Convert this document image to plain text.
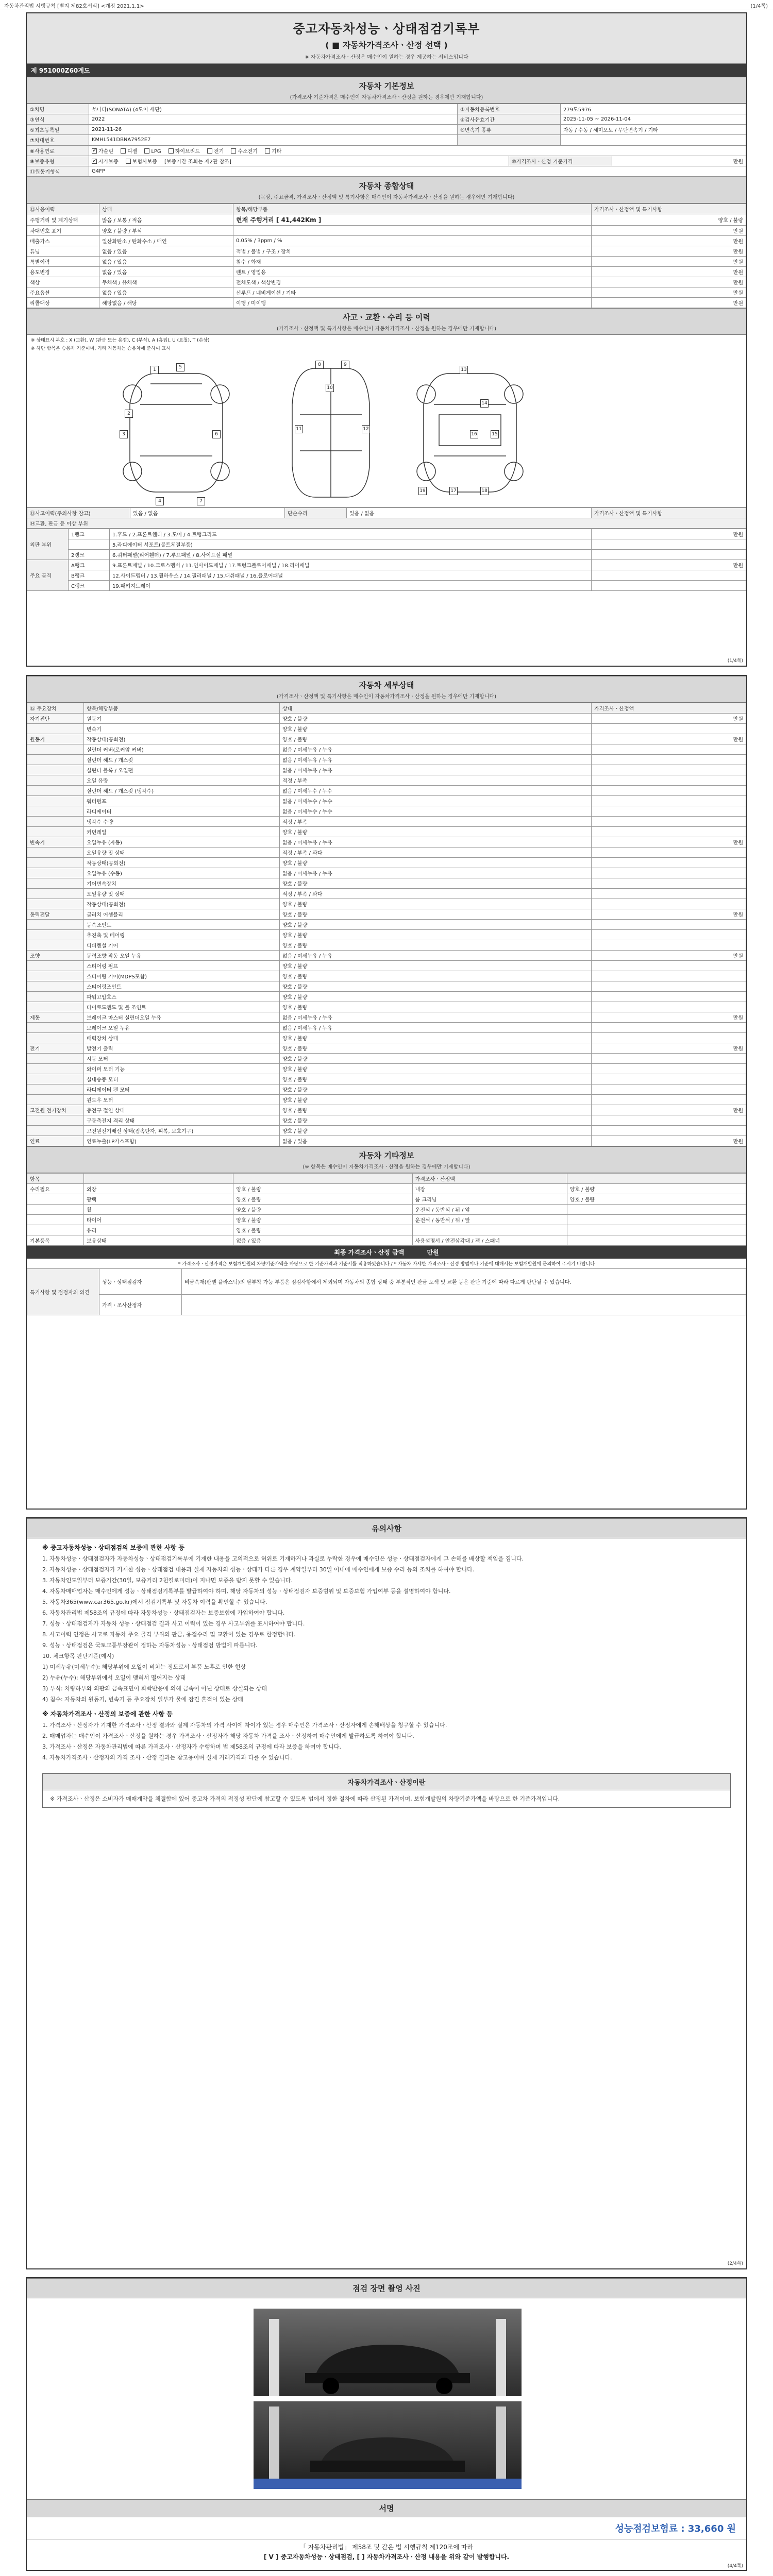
자동차관리법 시행규칙 [별지 제82호서식] <개정 2021.1.1>	(1/4쪽)
중고자동차성능ㆍ상태점검기록부
( ■ 자동차가격조사ㆍ산정 선택 )
※ 자동차가격조사ㆍ산정은 매수인이 원하는 경우 제공하는 서비스입니다
제 951000Z60계도
자동차 기본정보
(가격조사 기준가격은 매수인이 자동차가격조사ㆍ산정을 원하는 경우에만 기재합니다)
①차명	쏘나타(SONATA) (4도어 세단)	②자동차등록번호	279도5976
③연식	2022	④검사유효기간	2025-11-05 ~ 2026-11-04
⑤최초등록일	2021-11-26	⑥변속기 종류	자동 / 수동 / 세미오토 / 무단변속기 / 기타
⑦차대번호	KMHL541DBNA7952E7		
⑧사용연료	✓가솔린 디젤 LPG 하이브리드 전기 수소전기 기타
⑨보증유형	✓자가보증 보험사보증 [보증기간 조회는 제2관 참조]	⑩가격조사ㆍ산정 기준가격	만원
⑪원동기형식	G4FP		
자동차 종합상태
(목상, 주요골격, 가격조사ㆍ산정액 및 특기사항은 매수인이 자동차가격조사ㆍ산정을 원하는 경우에만 기재합니다)
⑫사용이력	상태	항목/해당부품	가격조사ㆍ산정액 및 특기사항
주행거리 및 계기상태	많음 / 보통 / 적음	현재 주행거리 [ 41,442Km ]	양호 / 불량
차대번호 표기	양호 / 불량 / 부식		만원
배출가스	일산화탄소 / 탄화수소 / 매연	0.05% / 3ppm / %	만원
튜닝	없음 / 있음	적법 / 불법 / 구조 / 장치	만원
특별이력	없음 / 있음	침수 / 화재	만원
용도변경	없음 / 있음	렌트 / 영업용	만원
색상	무채색 / 유채색	전체도색 / 색상변경	만원
주요옵션	없음 / 있음	선루프 / 네비게이션 / 기타	만원
리콜대상	해당없음 / 해당	이행 / 미이행	만원
사고ㆍ교환ㆍ수리 등 이력
(가격조사ㆍ산정액 및 특기사항은 매수인이 자동차가격조사ㆍ산정을 원하는 경우에만 기재합니다)
※ 상태표시 부호 : X (교환), W (판금 또는 용접), C (부식), A (흠집), U (요철), T (손상)
※ 하단 항목은 승용차 기준이며, 기타 자동차는 승용차에 준하여 표시
1
2
3
4
5
6
7
8	9
10
11	12
13
14
15
16
17	18
19
⑬사고이력(주의사항 참고)	있음 / 없음	단순수리	있음 / 없음	가격조사ㆍ산정액 및 특기사항
⑭교환, 판금 등 이상 부위
외판 부위	1랭크	1.후드 / 2.프론트휀더 / 3.도어 / 4.트렁크리드	만원
		5.라디에이터 서포트(볼트체결부품)	
	2랭크	6.쿼터패널(리어휀더) / 7.루프패널 / 8.사이드실 패널	
주요 골격	A랭크	9.프론트패널 / 10.크로스멤버 / 11.인사이드패널 / 17.트렁크플로어패널 / 18.리어패널	만원
	B랭크	12.사이드멤버 / 13.휠하우스 / 14.필러패널 / 15.대쉬패널 / 16.플로어패널	
	C랭크	19.패키지트레이	
(1/4쪽)
자동차 세부상태
(가격조사ㆍ산정액 및 특기사항은 매수인이 자동차가격조사ㆍ산정을 원하는 경우에만 기재합니다)
⑮ 주요장치	항목/해당부품	상태	가격조사ㆍ산정액
자기진단	원동기	양호 / 불량	만원
	변속기	양호 / 불량	
원동기	작동상태(공회전)	양호 / 불량	만원
	실린더 커버(로커암 커버)	없음 / 미세누유 / 누유	
	실린더 헤드 / 개스킷	없음 / 미세누유 / 누유	
	실린더 블록 / 오일팬	없음 / 미세누유 / 누유	
	오일 유량	적정 / 부족	
	실린더 헤드 / 개스킷 (냉각수)	없음 / 미세누수 / 누수	
	워터펌프	없음 / 미세누수 / 누수	
	라디에이터	없음 / 미세누수 / 누수	
	냉각수 수량	적정 / 부족	
	커먼레일	양호 / 불량	
변속기	오일누유 (자동)	없음 / 미세누유 / 누유	만원
	오일유량 및 상태	적정 / 부족 / 과다	
	작동상태(공회전)	양호 / 불량	
	오일누유 (수동)	없음 / 미세누유 / 누유	
	기어변속장치	양호 / 불량	
	오일유량 및 상태	적정 / 부족 / 과다	
	작동상태(공회전)	양호 / 불량	
동력전달	클러치 어셈블리	양호 / 불량	만원
	등속조인트	양호 / 불량	
	추진축 및 베어링	양호 / 불량	
	디퍼렌셜 기어	양호 / 불량	
조향	동력조향 작동 오일 누유	없음 / 미세누유 / 누유	만원
	스티어링 펌프	양호 / 불량	
	스티어링 기어(MDPS포함)	양호 / 불량	
	스티어링조인트	양호 / 불량	
	파워고압호스	양호 / 불량	
	타이로드엔드 및 볼 조인트	양호 / 불량	
제동	브레이크 마스터 실린더오일 누유	없음 / 미세누유 / 누유	만원
	브레이크 오일 누유	없음 / 미세누유 / 누유	
	배력장치 상태	양호 / 불량	
전기	발전기 출력	양호 / 불량	만원
	시동 모터	양호 / 불량	
	와이퍼 모터 기능	양호 / 불량	
	실내송풍 모터	양호 / 불량	
	라디에이터 팬 모터	양호 / 불량	
	윈도우 모터	양호 / 불량	
고전원 전기장치	충전구 절연 상태	양호 / 불량	만원
	구동축전지 격리 상태	양호 / 불량	
	고전원전기배선 상태(접속단자, 피복, 보호기구)	양호 / 불량	
연료	연료누출(LP가스포함)	없음 / 있음	만원
자동차 기타정보
(※ 항목은 매수인이 자동차가격조사ㆍ산정을 원하는 경우에만 기재합니다)
항목			가격조사ㆍ산정액	
수리필요	외장	양호 / 불량	내장	양호 / 불량
	광택	양호 / 불량	룸 크리닝	양호 / 불량
	휠	양호 / 불량	운전석 / 동반석 / 뒤 / 앞	
	타이어	양호 / 불량	운전석 / 동반석 / 뒤 / 앞	
	유리	양호 / 불량		
기본품목	보유상태	없음 / 있음	사용설명서 / 안전삼각대 / 잭 / 스패너	
최종 가격조사ㆍ산정 금액	만원
* 가격조사ㆍ산정가격은 보험개발원의 차량기준가액을 바탕으로 한 기준가격과 기준서를 적용하였습니다 / * 자동차 자세한 가격조사ㆍ산정 방법이나 기준에 대해서는 보험개발원에 문의하여 주시기 바랍니다
특기사항 및 점검자의 의견	성능ㆍ상태점검자	비금속재(판넬 플라스틱)의 탈부착 가능 부품은 점검사항에서 제외되며 자동차의 종합 상태 중 부분적인 판금 도색 및 교환 등은 판단 기준에 따라 다르게 판단될 수 있습니다.
	가격ㆍ조사산정자	
유의사항
※ 중고자동차성능ㆍ상태점검의 보증에 관한 사항 등
1. 자동차성능ㆍ상태점검자가 자동차성능ㆍ상태점검기록부에 기재한 내용을 고의적으로 허위로 기재하거나 과실로 누락한 경우에 매수인은 성능ㆍ상태점검자에게 그 손해를 배상할 책임을 집니다.
2. 자동차성능ㆍ상태점검자가 기재한 성능ㆍ상태점검 내용과 실제 자동차의 성능ㆍ상태가 다른 경우 계약일부터 30일 이내에 매수인에게 보증 수리 등의 조치를 하여야 합니다.
3. 자동차인도일부터 보증기간(30일, 보증거리 2천킬로미터)이 지나면 보증을 받지 못할 수 있습니다.
4. 자동차매매업자는 매수인에게 성능ㆍ상태점검기록부를 발급하여야 하며, 해당 자동차의 성능ㆍ상태점검자 보증범위 및 보증보험 가입여부 등을 설명하여야 합니다.
5. 자동차365(www.car365.go.kr)에서 점검기록부 및 자동차 이력을 확인할 수 있습니다.
6. 자동차관리법 제58조의 규정에 따라 자동차성능ㆍ상태점검자는 보증보험에 가입하여야 합니다.
7. 성능ㆍ상태점검자가 자동차 성능ㆍ상태점검 결과 사고 이력이 있는 경우 사고부위를 표시하여야 합니다.
8. 사고이력 인정은 사고로 자동차 주요 골격 부위의 판금, 용접수리 및 교환이 있는 경우로 한정합니다.
9. 성능ㆍ상태점검은 국토교통부장관이 정하는 자동차성능ㆍ상태점검 방법에 따릅니다.
10. 체크항목 판단기준(예시)
1) 미세누유(미세누수): 해당부위에 오일이 비치는 정도로서 부품 노후로 인한 현상
2) 누유(누수): 해당부위에서 오일이 맺혀서 떨어지는 상태
3) 부식: 차량하부와 외판의 금속표면이 화학반응에 의해 금속이 아닌 상태로 상실되는 상태
4) 침수: 자동차의 원동기, 변속기 등 주요장치 일부가 물에 잠긴 흔적이 있는 상태
※ 자동차가격조사ㆍ산정의 보증에 관한 사항 등
1. 가격조사ㆍ산정자가 기재한 가격조사ㆍ산정 결과와 실제 자동차의 가격 사이에 차이가 있는 경우 매수인은 가격조사ㆍ산정자에게 손해배상을 청구할 수 있습니다.
2. 매매업자는 매수인이 가격조사ㆍ산정을 원하는 경우 가격조사ㆍ산정자가 해당 자동차 가격을 조사ㆍ산정하여 매수인에게 발급하도록 하여야 합니다.
3. 가격조사ㆍ산정은 자동차관리법에 따른 가격조사ㆍ산정자가 수행하며 법 제58조의 규정에 따라 보증을 하여야 합니다.
4. 자동차가격조사ㆍ산정자의 가격 조사ㆍ산정 결과는 참고용이며 실제 거래가격과 다를 수 있습니다.
자동차가격조사ㆍ산정이란
※ 가격조사ㆍ산정은 소비자가 매매계약을 체결함에 있어 중고차 가격의 적정성 판단에 참고할 수 있도록 법에서 정한 절차에 따라 산정된 가격이며, 보험개발원의 차량기준가액을 바탕으로 한 기준가격입니다.
(2/4쪽)
점검 장면 촬영 사진
서명
성능점검보험료 : 33,660 원
「 자동차관리법」 제58조 및 같은 법 시행규칙 제120조에 따라
[ V ] 중고자동차성능ㆍ상태점검, [ ] 자동차가격조사ㆍ산정 내용을 위와 같이 발행합니다.
(4/4쪽)
